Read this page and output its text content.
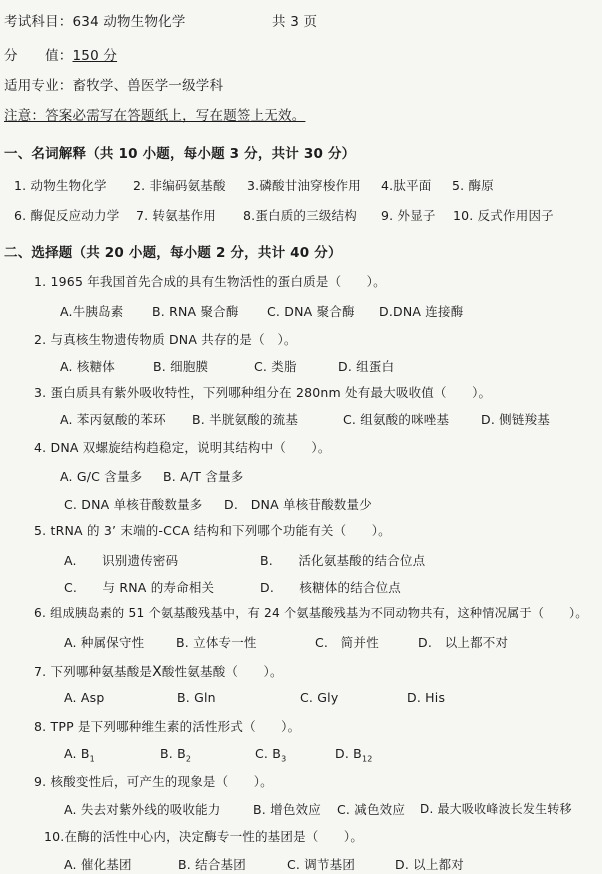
考试科目：634 动物生物化学	共 3 页
分　　值：150 分
适用专业：畜牧学、兽医学一级学科
注意：答案必需写在答题纸上，写在题签上无效。
一、名词解释（共 10 小题，每小题 3 分，共计 30 分）
1. 动物生物化学 2. 非编码氨基酸 3.磷酸甘油穿梭作用 4.肽平面 5. 酶原
6. 酶促反应动力学 7. 转氨基作用 8.蛋白质的三级结构 9. 外显子 10. 反式作用因子
二、选择题（共 20 小题，每小题 2 分，共计 40 分）
1. 1965 年我国首先合成的具有生物活性的蛋白质是（　　）。
A.牛胰岛素 B. RNA 聚合酶 C. DNA 聚合酶 D.DNA 连接酶
2. 与真核生物遗传物质 DNA 共存的是（　）。
A. 核糖体	B. 细胞膜	C. 类脂	D. 组蛋白
3. 蛋白质具有紫外吸收特性，下列哪种组分在 280nm 处有最大吸收值（　　）。
A. 苯丙氨酸的苯环 B. 半胱氨酸的巯基	C. 组氨酸的咪唑基	D. 侧链羧基
4. DNA 双螺旋结构趋稳定，说明其结构中（　　）。
A. G/C 含量多 B. A/T 含量多
C. DNA 单核苷酸数量多 D.　DNA 单核苷酸数量少
5. tRNA 的 3’ 末端的-CCA 结构和下列哪个功能有关（　　）。
A.　　识别遗传密码	B.　　活化氨基酸的结合位点
C.　　与 RNA 的寿命相关	D.　　核糖体的结合位点
6. 组成胰岛素的 51 个氨基酸残基中，有 24 个氨基酸残基为不同动物共有，这种情况属于（　　）。
A. 种属保守性	B. 立体专一性	C.　简并性	D.　以上都不对
7. 下列哪种氨基酸是X酸性氨基酸（　　）。
A. Asp	B. Gln	C. Gly	D. His
8. TPP 是下列哪种维生素的活性形式（　　）。
A. $B_1$	B. $B_2$	C. $B_3$	D. $B_{12}$
9. 核酸变性后，可产生的现象是（　　）。
A. 失去对紫外线的吸收能力	B. 增色效应 C. 减色效应 D. 最大吸收峰波长发生转移
10.在酶的活性中心内，决定酶专一性的基团是（　　）。
A. 催化基团	B. 结合基团	C. 调节基团	D. 以上都对
